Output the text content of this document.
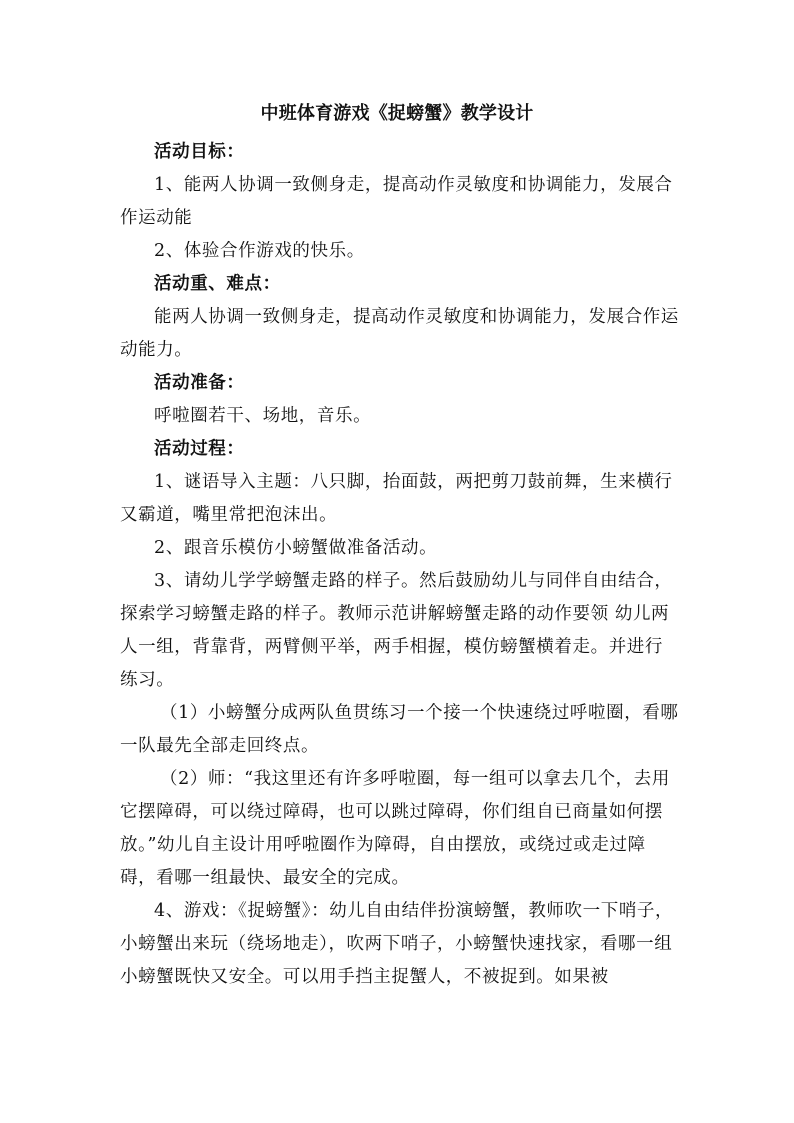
中班体育游戏《捉螃蟹》教学设计

活动目标：

1、能两人协调一致侧身走，提高动作灵敏度和协调能力，发展合作运动能

2、体验合作游戏的快乐。

活动重、难点：

能两人协调一致侧身走，提高动作灵敏度和协调能力，发展合作运动能力。

活动准备：

呼啦圈若干、场地，音乐。

活动过程：

1、谜语导入主题：八只脚，抬面鼓，两把剪刀鼓前舞，生来横行又霸道，嘴里常把泡沫出。

2、跟音乐模仿小螃蟹做准备活动。

3、请幼儿学学螃蟹走路的样子。然后鼓励幼儿与同伴自由结合，探索学习螃蟹走路的样子。教师示范讲解螃蟹走路的动作要领 幼儿两人一组，背靠背，两臂侧平举，两手相握，模仿螃蟹横着走。并进行练习。

（1）小螃蟹分成两队鱼贯练习一个接一个快速绕过呼啦圈，看哪一队最先全部走回终点。

（2）师：“我这里还有许多呼啦圈，每一组可以拿去几个，去用它摆障碍，可以绕过障碍，也可以跳过障碍，你们组自已商量如何摆放。”幼儿自主设计用呼啦圈作为障碍，自由摆放，或绕过或走过障碍，看哪一组最快、最安全的完成。

4、游戏：《捉螃蟹》：幼儿自由结伴扮演螃蟹，教师吹一下哨子，小螃蟹出来玩（绕场地走），吹两下哨子，小螃蟹快速找家，看哪一组小螃蟹既快又安全。可以用手挡主捉蟹人，不被捉到。如果被
